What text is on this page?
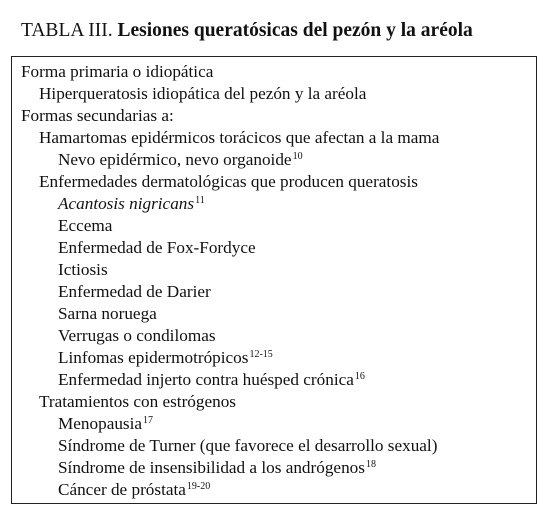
TABLA III. Lesiones queratósicas del pezón y la aréola
Forma primaria o idiopática
Hiperqueratosis idiopática del pezón y la aréola
Formas secundarias a:
Hamartomas epidérmicos torácicos que afectan a la mama
Nevo epidérmico, nevo organoide$^{10}$
Enfermedades dermatológicas que producen queratosis
Acantosis nigricans$^{11}$
Eccema
Enfermedad de Fox-Fordyce
Ictiosis
Enfermedad de Darier
Sarna noruega
Verrugas o condilomas
Linfomas epidermotrópicos$^{12-15}$
Enfermedad injerto contra huésped crónica$^{16}$
Tratamientos con estrógenos
Menopausia$^{17}$
Síndrome de Turner (que favorece el desarrollo sexual)
Síndrome de insensibilidad a los andrógenos$^{18}$
Cáncer de próstata$^{19-20}$
